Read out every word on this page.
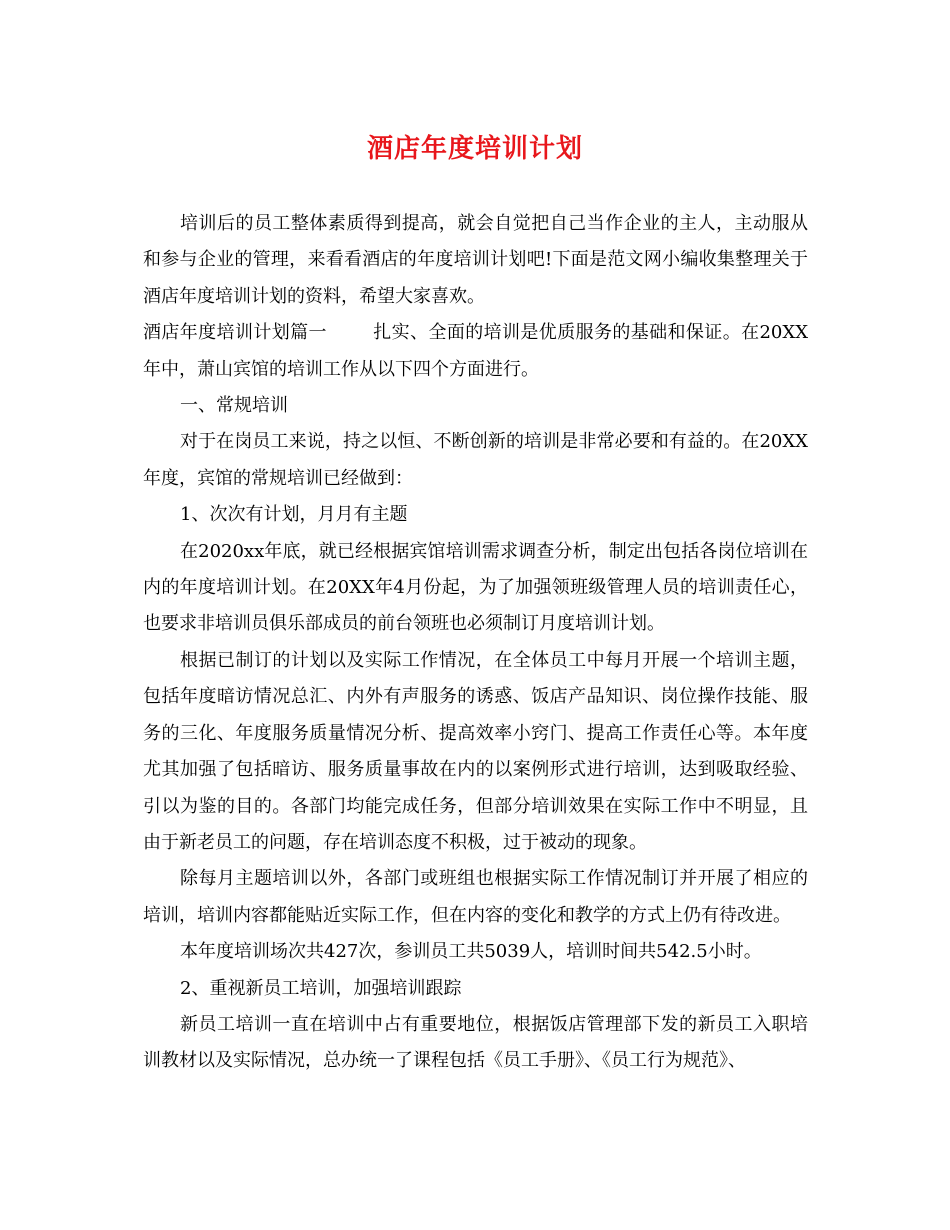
酒店年度培训计划

培训后的员工整体素质得到提高，就会自觉把自己当作企业的主人，主动服从和参与企业的管理，来看看酒店的年度培训计划吧!下面是范文网小编收集整理关于酒店年度培训计划的资料，希望大家喜欢。

酒店年度培训计划篇一	扎实、全面的培训是优质服务的基础和保证。在20XX年中，萧山宾馆的培训工作从以下四个方面进行。

一、常规培训

对于在岗员工来说，持之以恒、不断创新的培训是非常必要和有益的。在20XX年度，宾馆的常规培训已经做到：

1、次次有计划，月月有主题

在2020xx年底，就已经根据宾馆培训需求调查分析，制定出包括各岗位培训在内的年度培训计划。在20XX年4月份起，为了加强领班级管理人员的培训责任心，也要求非培训员俱乐部成员的前台领班也必须制订月度培训计划。

根据已制订的计划以及实际工作情况，在全体员工中每月开展一个培训主题，包括年度暗访情况总汇、内外有声服务的诱惑、饭店产品知识、岗位操作技能、服务的三化、年度服务质量情况分析、提高效率小窍门、提高工作责任心等。本年度尤其加强了包括暗访、服务质量事故在内的以案例形式进行培训，达到吸取经验、引以为鉴的目的。各部门均能完成任务，但部分培训效果在实际工作中不明显，且由于新老员工的问题，存在培训态度不积极，过于被动的现象。

除每月主题培训以外，各部门或班组也根据实际工作情况制订并开展了相应的培训，培训内容都能贴近实际工作，但在内容的变化和教学的方式上仍有待改进。

本年度培训场次共427次，参训员工共5039人，培训时间共542.5小时。

2、重视新员工培训，加强培训跟踪

新员工培训一直在培训中占有重要地位，根据饭店管理部下发的新员工入职培训教材以及实际情况，总办统一了课程包括《员工手册》、《员工行为规范》、
